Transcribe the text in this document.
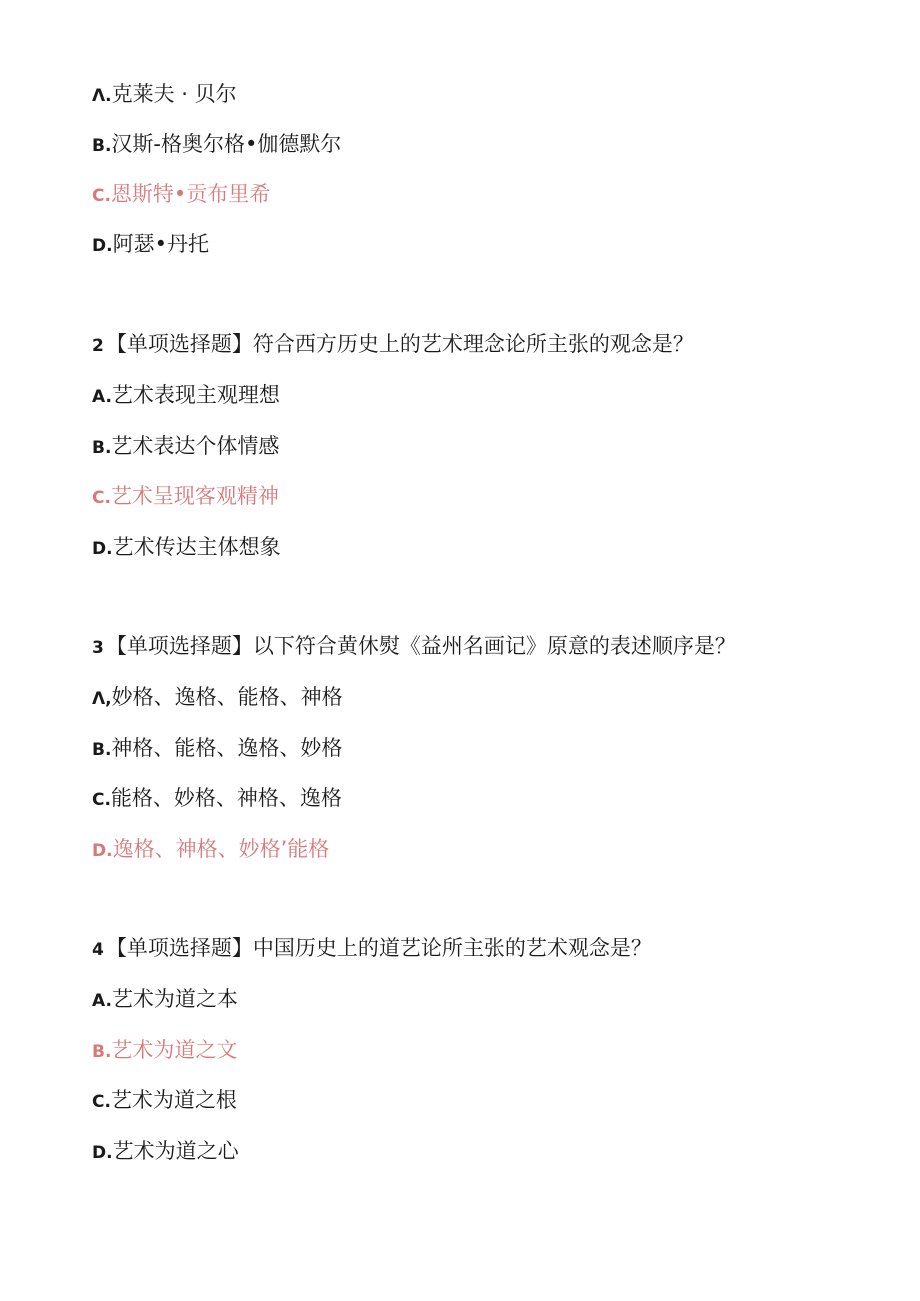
Λ.克莱夫 · 贝尔
B.汉斯-格奥尔格•伽德默尔
C.恩斯特•贡布里希
D.阿瑟•丹托
2【单项选择题】符合西方历史上的艺术理念论所主张的观念是？
A.艺术表现主观理想
B.艺术表达个体情感
C.艺术呈现客观精神
D.艺术传达主体想象
3【单项选择题】以下符合黄休熨《益州名画记》原意的表述顺序是？
Λ,妙格、逸格、能格、神格
B.神格、能格、逸格、妙格
C.能格、妙格、神格、逸格
D.逸格、神格、妙格’能格
4【单项选择题】中国历史上的道艺论所主张的艺术观念是？
A.艺术为道之本
B.艺术为道之文
C.艺术为道之根
D.艺术为道之心
